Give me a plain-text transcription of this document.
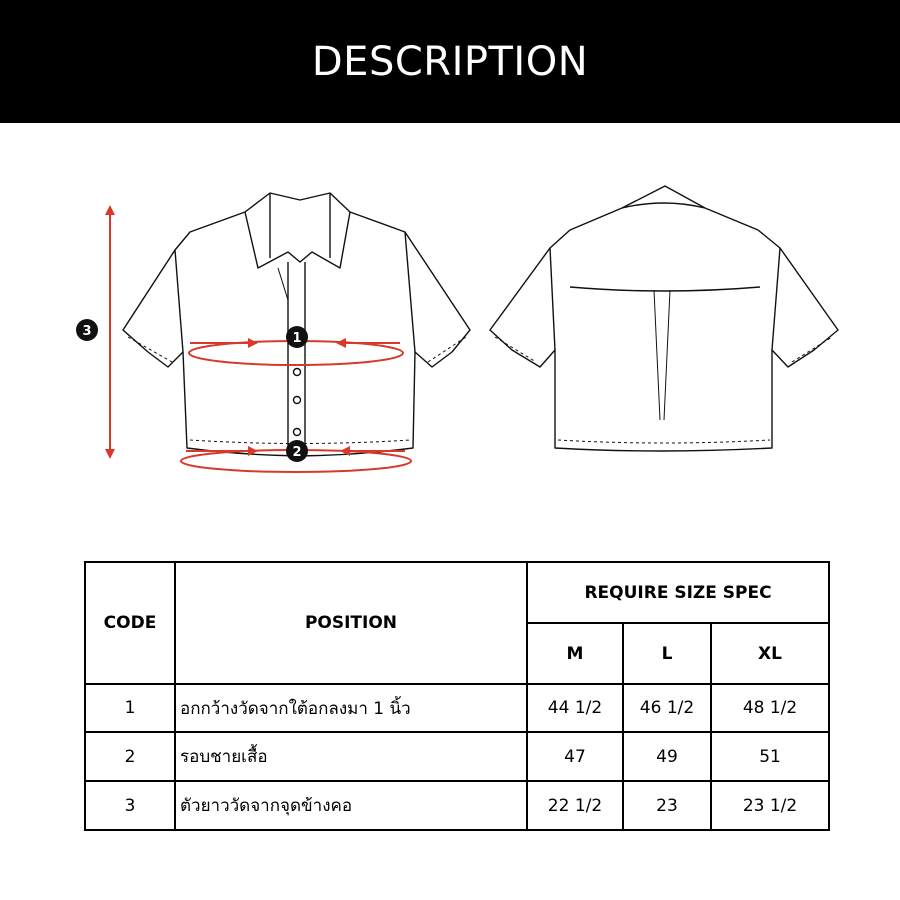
DESCRIPTION
1
2
3
CODE	POSITION	REQUIRE SIZE SPEC		
		M	L	XL
1	อกกว้างวัดจากใต้อกลงมา 1 นิ้ว	44 1/2	46 1/2	48 1/2
2	รอบชายเสื้อ	47	49	51
3	ตัวยาววัดจากจุดข้างคอ	22 1/2	23	23 1/2
